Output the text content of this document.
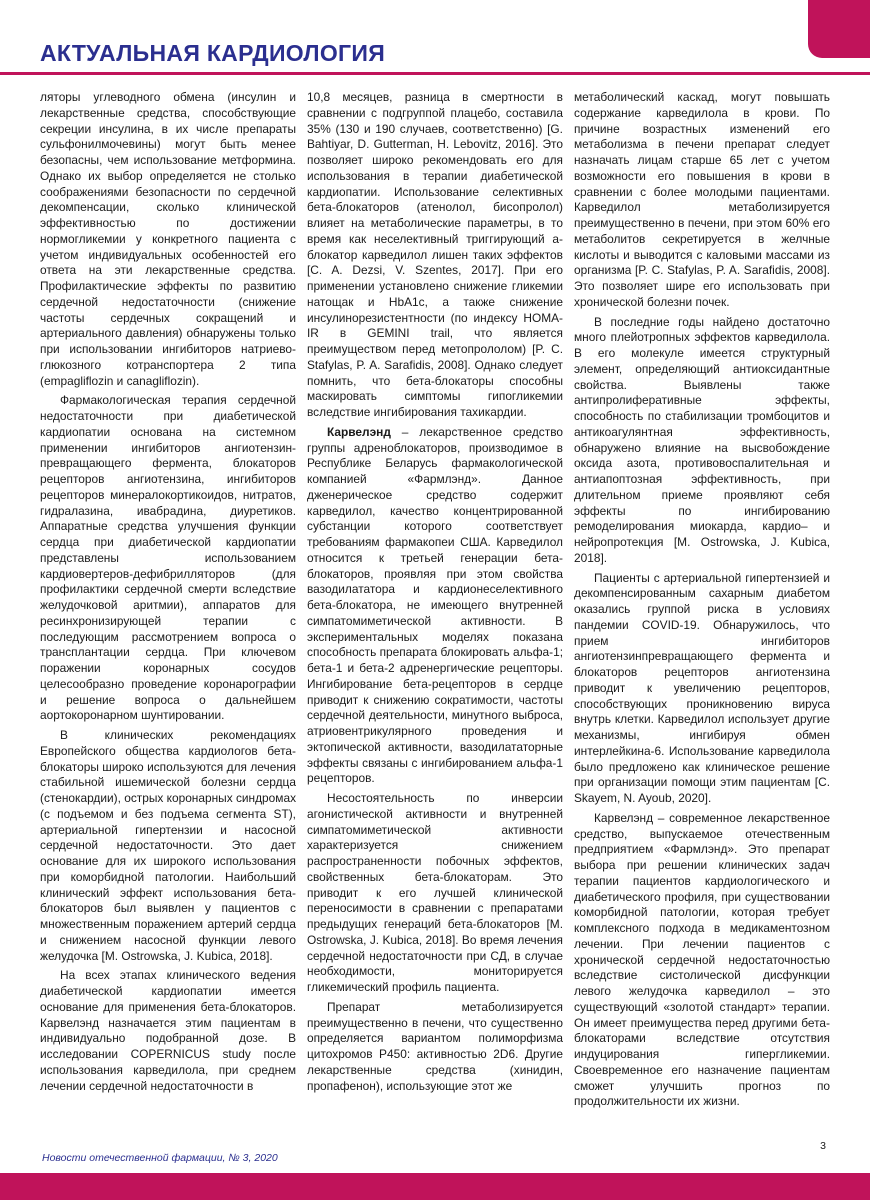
АКТУАЛЬНАЯ КАРДИОЛОГИЯ

ляторы углеводного обмена (инсулин и лекарственные средства, способствующие секреции инсулина, в их числе препараты сульфонилмочевины) могут быть менее безопасны, чем использование метформина. Однако их выбор определяется не столько соображениями безопасности по сердечной декомпенсации, сколько клинической эффективностью по достижении нормогликемии у конкретного пациента с учетом индивидуальных особенностей его ответа на эти лекарственные средства. Профилактические эффекты по развитию сердечной недостаточности (снижение частоты сердечных сокращений и артериального давления) обнаружены только при использовании ингибиторов натриево-глюкозного котранспортера 2 типа (empagliflozin и canagliflozin).

Фармакологическая терапия сердечной недостаточности при диабетической кардиопатии основана на системном применении ингибиторов ангиотензин-превращающего фермента, блокаторов рецепторов ангиотензина, ингибиторов рецепторов минералокортикоидов, нитратов, гидралазина, ивабрадина, диуретиков. Аппаратные средства улучшения функции сердца при диабетической кардиопатии представлены использованием кардиовертеров-дефибрилляторов (для профилактики сердечной смерти вследствие желудочковой аритмии), аппаратов для ресинхронизирующей терапии с последующим рассмотрением вопроса о трансплантации сердца. При ключевом поражении коронарных сосудов целесообразно проведение коронарографии и решение вопроса о дальнейшем аортокоронарном шунтировании.

В клинических рекомендациях Европейского общества кардиологов бета-блокаторы широко используются для лечения стабильной ишемической болезни сердца (стенокардии), острых коронарных синдромах (с подъемом и без подъема сегмента ST), артериальной гипертензии и насосной сердечной недостаточности. Это дает основание для их широкого использования при коморбидной патологии. Наибольший клинический эффект использования бета-блокаторов был выявлен у пациентов с множественным поражением артерий сердца и снижением насосной функции левого желудочка [M. Ostrowska, J. Kubica, 2018].

На всех этапах клинического ведения диабетической кардиопатии имеется основание для применения бета-блокаторов. Карвелэнд назначается этим пациентам в индивидуально подобранной дозе. В исследовании COPERNICUS study после использования карведилола, при среднем лечении сердечной недостаточности в

10,8 месяцев, разница в смертности в сравнении с подгруппой плацебо, составила 35% (130 и 190 случаев, соответственно) [G. Bahtiyar, D. Gutterman, H. Lebovitz, 2016]. Это позволяет широко рекомендовать его для использования в терапии диабетической кардиопатии. Использование селективных бета-блокаторов (атенолол, бисопролол) влияет на метаболические параметры, в то время как неселективный триггирующий а-блокатор карведилол лишен таких эффектов [C. A. Dezsi, V. Szentes, 2017]. При его применении установлено снижение гликемии натощак и HbA1c, а также снижение инсулинорезистентности (по индексу HOMA-IR в GEMINI trail, что является преимуществом перед метопрололом) [P. C. Stafylas, P. A. Sarafidis, 2008]. Однако следует помнить, что бета-блокаторы способны маскировать симптомы гипогликемии вследствие ингибирования тахикардии.

Карвелэнд – лекарственное средство группы адреноблокаторов, производимое в Республике Беларусь фармакологической компанией «Фармлэнд». Данное дженерическое средство содержит карведилол, качество концентрированной субстанции которого соответствует требованиям фармакопеи США. Карведилол относится к третьей генерации бета-блокаторов, проявляя при этом свойства вазодилататора и кардионеселективного бета-блокатора, не имеющего внутренней симпатомиметической активности. В экспериментальных моделях показана способность препарата блокировать альфа-1; бета-1 и бета-2 адренергические рецепторы. Ингибирование бета-рецепторов в сердце приводит к снижению сократимости, частоты сердечной деятельности, минутного выброса, атриовентрикулярного проведения и эктопической активности, вазодилататорные эффекты связаны с ингибированием альфа-1 рецепторов.

Несостоятельность по инверсии агонистической активности и внутренней симпатомиметической активности характеризуется снижением распространенности побочных эффектов, свойственных бета-блокаторам. Это приводит к его лучшей клинической переносимости в сравнении с препаратами предыдущих генераций бета-блокаторов [M. Ostrowska, J. Kubica, 2018]. Во время лечения сердечной недостаточности при СД, в случае необходимости, мониторируется гликемический профиль пациента.

Препарат метаболизируется преимущественно в печени, что существенно определяется вариантом полиморфизма цитохромов P450: активностью 2D6. Другие лекарственные средства (хинидин, пропафенон), использующие этот же

метаболический каскад, могут повышать содержание карведилола в крови. По причине возрастных изменений его метаболизма в печени препарат следует назначать лицам старше 65 лет с учетом возможности его повышения в крови в сравнении с более молодыми пациентами. Карведилол метаболизируется преимущественно в печени, при этом 60% его метаболитов секретируется в желчные кислоты и выводится с каловыми массами из организма [P. C. Stafylas, P. A. Sarafidis, 2008]. Это позволяет шире его использовать при хронической болезни почек.

В последние годы найдено достаточно много плейотропных эффектов карведилола. В его молекуле имеется структурный элемент, определяющий антиоксидантные свойства. Выявлены также антипролиферативные эффекты, способность по стабилизации тромбоцитов и антикоагулянтная эффективность, обнаружено влияние на высвобождение оксида азота, противовоспалительная и антиапоптозная эффективность, при длительном приеме проявляют себя эффекты по ингибированию ремоделирования миокарда, кардио– и нейропротекция [M. Ostrowska, J. Kubica, 2018].

Пациенты с артериальной гипертензией и декомпенсированным сахарным диабетом оказались группой риска в условиях пандемии COVID-19. Обнаружилось, что прием ингибиторов ангиотензинпревращающего фермента и блокаторов рецепторов ангиотензина приводит к увеличению рецепторов, способствующих проникновению вируса внутрь клетки. Карведилол использует другие механизмы, ингибируя обмен интерлейкина-6. Использование карведилола было предложено как клиническое решение при организации помощи этим пациентам [C. Skayem, N. Ayoub, 2020].

Карвелэнд – современное лекарственное средство, выпускаемое отечественным предприятием «Фармлэнд». Это препарат выбора при решении клинических задач терапии пациентов кардиологического и диабетического профиля, при существовании коморбидной патологии, которая требует комплексного подхода в медикаментозном лечении. При лечении пациентов с хронической сердечной недостаточностью вследствие систолической дисфункции левого желудочка карведилол – это существующий «золотой стандарт» терапии. Он имеет преимущества перед другими бета-блокаторами вследствие отсутствия индуцирования гипергликемии. Своевременное его назначение пациентам сможет улучшить прогноз по продолжительности их жизни.

3
Новости отечественной фармации, № 3, 2020
